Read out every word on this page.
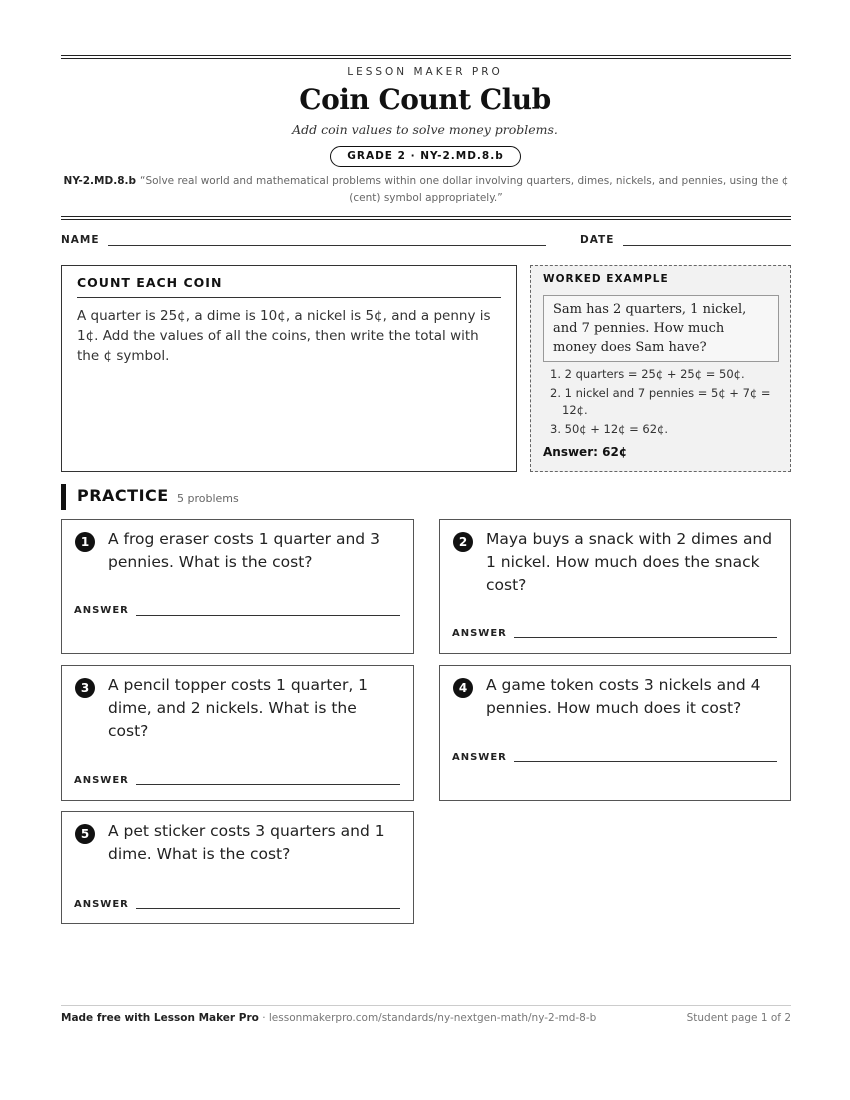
LESSON MAKER PRO
Coin Count Club
Add coin values to solve money problems.
GRADE 2 · NY-2.MD.8.b
NY-2.MD.8.b “Solve real world and mathematical problems within one dollar involving quarters, dimes, nickels, and pennies, using the ¢ (cent) symbol appropriately.”
NAME	DATE
COUNT EACH COIN

A quarter is 25¢, a dime is 10¢, a nickel is 5¢, and a penny is 1¢. Add the values of all the coins, then write the total with the ¢ symbol.

WORKED EXAMPLE
Sam has 2 quarters, 1 nickel, and 7 pennies. How much money does Sam have?
1. 2 quarters = 25¢ + 25¢ = 50¢.
2. 1 nickel and 7 pennies = 5¢ + 7¢ = 12¢.
3. 50¢ + 12¢ = 62¢.
Answer: 62¢
PRACTICE 5 problems
1	A frog eraser costs 1 quarter and 3 pennies. What is the cost?
ANSWER
2	Maya buys a snack with 2 dimes and 1 nickel. How much does the snack cost?
ANSWER
3	A pencil topper costs 1 quarter, 1 dime, and 2 nickels. What is the cost?
ANSWER
4	A game token costs 3 nickels and 4 pennies. How much does it cost?
ANSWER
5	A pet sticker costs 3 quarters and 1 dime. What is the cost?
ANSWER
Made free with Lesson Maker Pro · lessonmakerpro.com/standards/ny-nextgen-math/ny-2-md-8-b	Student page 1 of 2
